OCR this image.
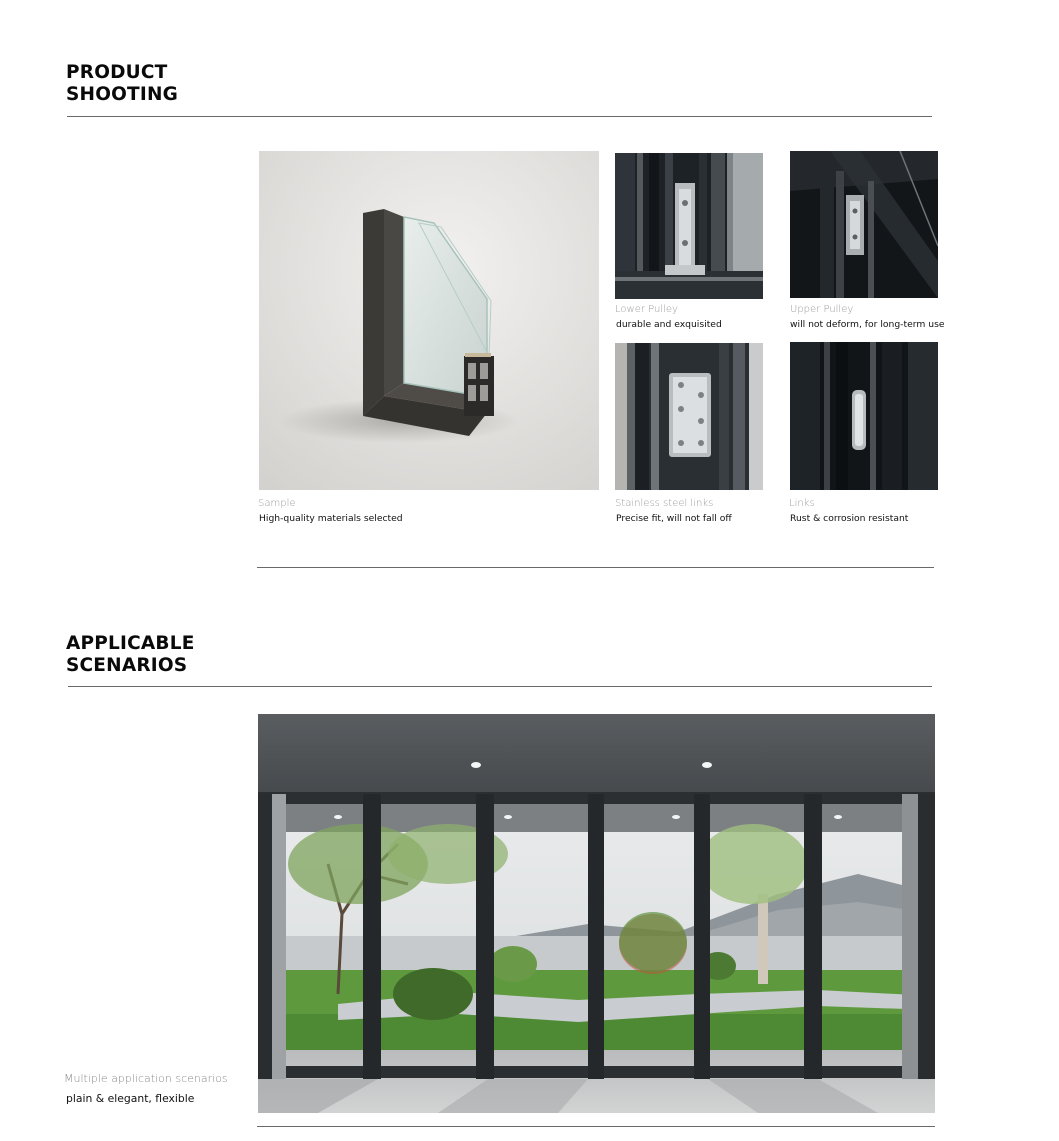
PRODUCT
SHOOTING
Sample
High-quality materials selected
Lower Pulley
durable and exquisited
Upper Pulley
will not deform, for long-term use
Stainless steel links
Precise fit, will not fall off
Links
Rust & corrosion resistant
APPLICABLE
SCENARIOS
Multiple application scenarios
plain & elegant, flexible
